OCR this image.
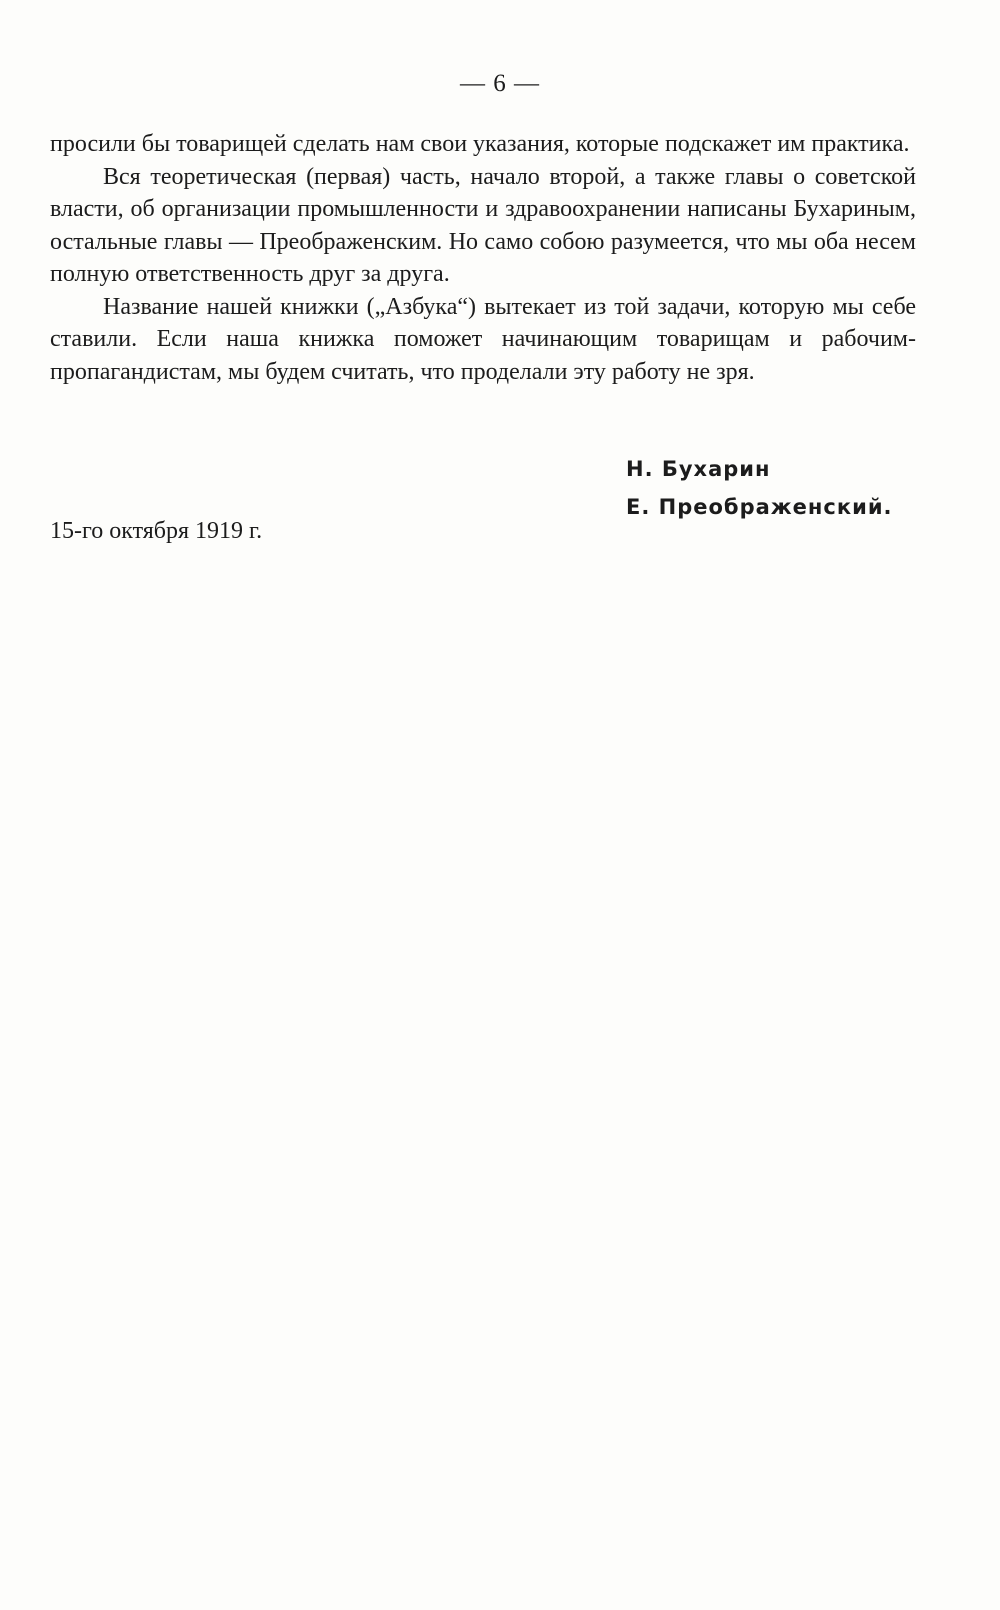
— 6 —

просили бы товарищей сделать нам свои указания, которые подскажет им практика.

Вся теоретическая (первая) часть, начало второй, а также главы о советской власти, об организации промышленности и здравоохранении написаны Бухариным, остальные главы — Преображенским. Но само собою разумеется, что мы оба несем полную ответственность друг за друга.

Название нашей книжки („Азбука“) вытекает из той задачи, которую мы себе ставили. Если наша книжка поможет начинающим товарищам и рабочим-пропагандистам, мы будем считать, что проделали эту работу не зря.

Н. Бухарин
Е. Преображенский.
15-го октября 1919 г.
